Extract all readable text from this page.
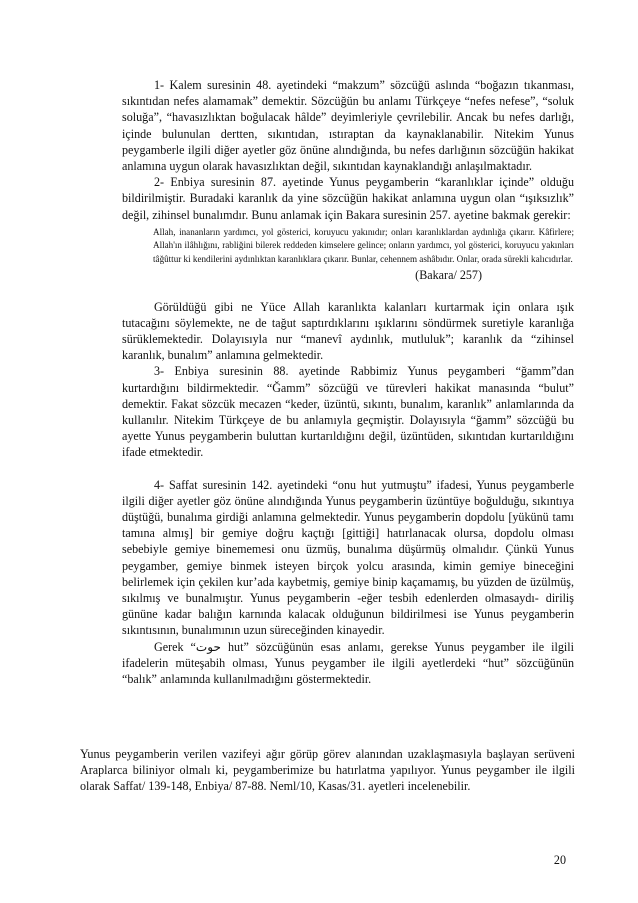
1- Kalem suresinin 48. ayetindeki “makzum” sözcüğü aslında “boğazın tıkanması, sıkıntıdan nefes alamamak” demektir. Sözcüğün bu anlamı Türkçeye “nefes nefese”, “soluk soluğa”, “havasızlıktan boğulacak hâlde” deyimleriyle çevrilebilir. Ancak bu nefes darlığı, içinde bulunulan dertten, sıkıntıdan, ıstıraptan da kaynaklanabilir. Nitekim Yunus peygamberle ilgili diğer ayetler göz önüne alındığında, bu nefes darlığının sözcüğün hakikat anlamına uygun olarak havasızlıktan değil, sıkıntıdan kaynaklandığı anlaşılmaktadır.

2- Enbiya suresinin 87. ayetinde Yunus peygamberin “karanlıklar içinde” olduğu bildirilmiştir. Buradaki karanlık da yine sözcüğün hakikat anlamına uygun olan “ışıksızlık” değil, zihinsel bunalımdır. Bunu anlamak için Bakara suresinin 257. ayetine bakmak gerekir:

Allah, inananların yardımcı, yol gösterici, koruyucu yakınıdır; onları karanlıklardan aydınlığa çıkarır. Kâfirlere; Allah'ın ilâhlığını, rabliğini bilerek reddeden kimselere gelince; onların yardımcı, yol gösterici, koruyucu yakınları tâğûttur ki kendilerini aydınlıktan karanlıklara çıkarır. Bunlar, cehennem ashâbıdır. Onlar, orada sürekli kalıcıdırlar.

(Bakara/ 257)

Görüldüğü gibi ne Yüce Allah karanlıkta kalanları kurtarmak için onlara ışık tutacağını söylemekte, ne de tağut saptırdıklarını ışıklarını söndürmek suretiyle karanlığa sürüklemektedir. Dolayısıyla nur “manevî aydınlık, mutluluk”; karanlık da “zihinsel karanlık, bunalım” anlamına gelmektedir.

3- Enbiya suresinin 88. ayetinde Rabbimiz Yunus peygamberi “ğamm”dan kurtardığını bildirmektedir. “Ğamm” sözcüğü ve türevleri hakikat manasında “bulut” demektir. Fakat sözcük mecazen “keder, üzüntü, sıkıntı, bunalım, karanlık” anlamlarında da kullanılır. Nitekim Türkçeye de bu anlamıyla geçmiştir. Dolayısıyla “ğamm” sözcüğü bu ayette Yunus peygamberin buluttan kurtarıldığını değil, üzüntüden, sıkıntıdan kurtarıldığını ifade etmektedir.

4- Saffat suresinin 142. ayetindeki “onu hut yutmuştu” ifadesi, Yunus peygamberle ilgili diğer ayetler göz önüne alındığında Yunus peygamberin üzüntüye boğulduğu, sıkıntıya düştüğü, bunalıma girdiği anlamına gelmektedir. Yunus peygamberin dopdolu [yükünü tamı tamına almış] bir gemiye doğru kaçtığı [gittiği] hatırlanacak olursa, dopdolu olması sebebiyle gemiye binememesi onu üzmüş, bunalıma düşürmüş olmalıdır. Çünkü Yunus peygamber, gemiye binmek isteyen birçok yolcu arasında, kimin gemiye bineceğini belirlemek için çekilen kur’ada kaybetmiş, gemiye binip kaçamamış, bu yüzden de üzülmüş, sıkılmış ve bunalmıştır. Yunus peygamberin -eğer tesbih edenlerden olmasaydı- diriliş gününe kadar balığın karnında kalacak olduğunun bildirilmesi ise Yunus peygamberin sıkıntısının, bunalımının uzun süreceğinden kinayedir.

Gerek “حوت hut” sözcüğünün esas anlamı, gerekse Yunus peygamber ile ilgili ifadelerin müteşabih olması, Yunus peygamber ile ilgili ayetlerdeki “hut” sözcüğünün “balık” anlamında kullanılmadığını göstermektedir.

Yunus peygamberin verilen vazifeyi ağır görüp görev alanından uzaklaşmasıyla başlayan serüveni Araplarca biliniyor olmalı ki, peygamberimize bu hatırlatma yapılıyor. Yunus peygamber ile ilgili olarak Saffat/ 139-148, Enbiya/ 87-88. Neml/10, Kasas/31. ayetleri incelenebilir.

20
